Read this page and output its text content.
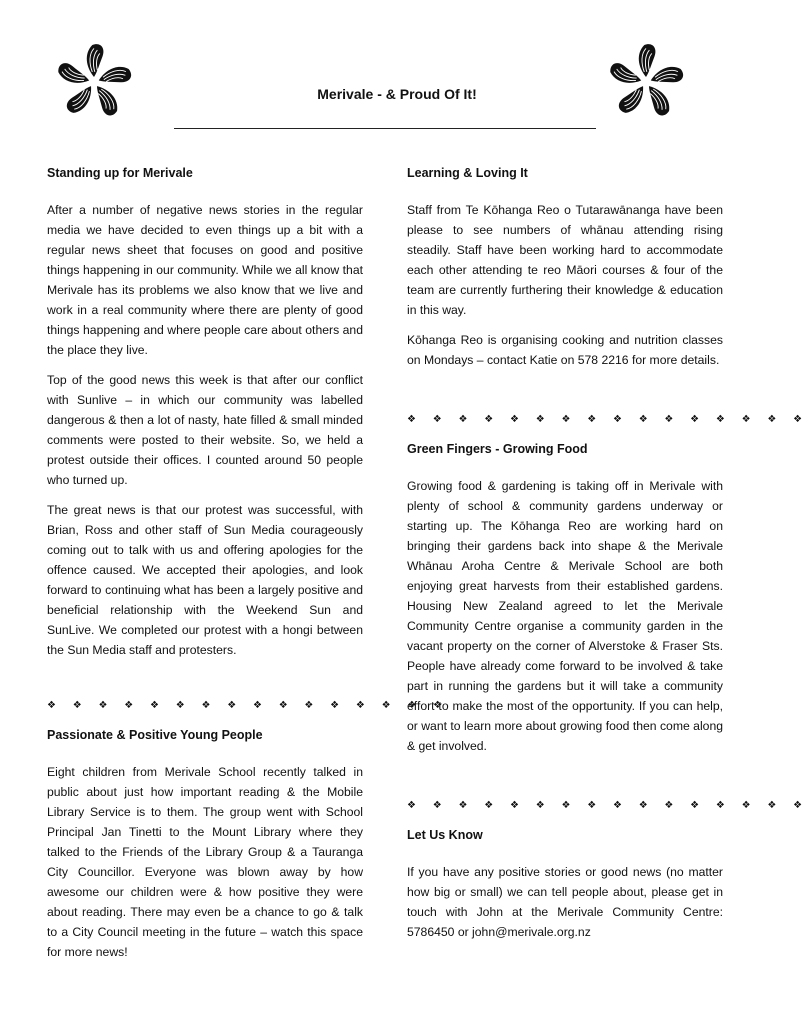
Merivale - & Proud Of It!
Standing up for Merivale

After a number of negative news stories in the regular media we have decided to even things up a bit with a regular news sheet that focuses on good and positive things happening in our community. While we all know that Merivale has its problems we also know that we live and work in a real community where there are plenty of good things happening and where people care about others and the place they live.

Top of the good news this week is that after our conflict with Sunlive – in which our community was labelled dangerous & then a lot of nasty, hate filled & small minded comments were posted to their website. So, we held a protest outside their offices. I counted around 50 people who turned up.

The great news is that our protest was successful, with Brian, Ross and other staff of Sun Media courageously coming out to talk with us and offering apologies for the offence caused. We accepted their apologies, and look forward to continuing what has been a largely positive and beneficial relationship with the Weekend Sun and SunLive. We completed our protest with a hongi between the Sun Media staff and protesters.

❖ ❖ ❖ ❖ ❖ ❖ ❖ ❖ ❖ ❖ ❖ ❖ ❖ ❖ ❖ ❖
Passionate & Positive Young People

Eight children from Merivale School recently talked in public about just how important reading & the Mobile Library Service is to them. The group went with School Principal Jan Tinetti to the Mount Library where they talked to the Friends of the Library Group & a Tauranga City Councillor. Everyone was blown away by how awesome our children were & how positive they were about reading. There may even be a chance to go & talk to a City Council meeting in the future – watch this space for more news!

Learning & Loving It

Staff from Te Kōhanga Reo o Tutarawānanga have been please to see numbers of whānau attending rising steadily. Staff have been working hard to accommodate each other attending te reo Māori courses & four of the team are currently furthering their knowledge & education in this way.

Kōhanga Reo is organising cooking and nutrition classes on Mondays – contact Katie on 578 2216 for more details.

❖ ❖ ❖ ❖ ❖ ❖ ❖ ❖ ❖ ❖ ❖ ❖ ❖ ❖ ❖ ❖
Green Fingers - Growing Food

Growing food & gardening is taking off in Merivale with plenty of school & community gardens underway or starting up. The Kōhanga Reo are working hard on bringing their gardens back into shape & the Merivale Whānau Aroha Centre & Merivale School are both enjoying great harvests from their established gardens. Housing New Zealand agreed to let the Merivale Community Centre organise a community garden in the vacant property on the corner of Alverstoke & Fraser Sts. People have already come forward to be involved & take part in running the gardens but it will take a community effort to make the most of the opportunity. If you can help, or want to learn more about growing food then come along & get involved.

❖ ❖ ❖ ❖ ❖ ❖ ❖ ❖ ❖ ❖ ❖ ❖ ❖ ❖ ❖ ❖
Let Us Know

If you have any positive stories or good news (no matter how big or small) we can tell people about, please get in touch with John at the Merivale Community Centre: 5786450 or john@merivale.org.nz
